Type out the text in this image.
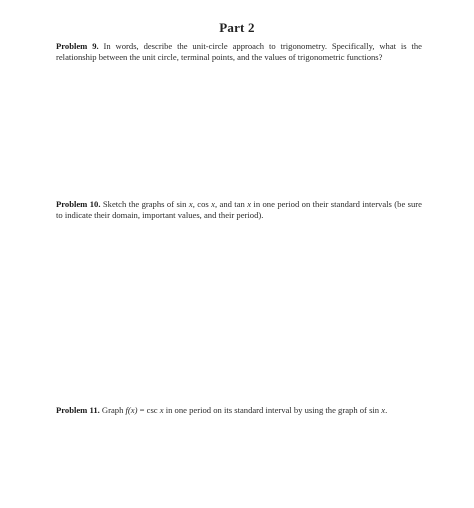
Part 2
Problem 9. In words, describe the unit-circle approach to trigonometry. Specifically, what is the relationship between the unit circle, terminal points, and the values of trigonometric functions?
Problem 10. Sketch the graphs of sin x, cos x, and tan x in one period on their standard intervals (be sure to indicate their domain, important values, and their period).
Problem 11. Graph f(x) = csc x in one period on its standard interval by using the graph of sin x.
